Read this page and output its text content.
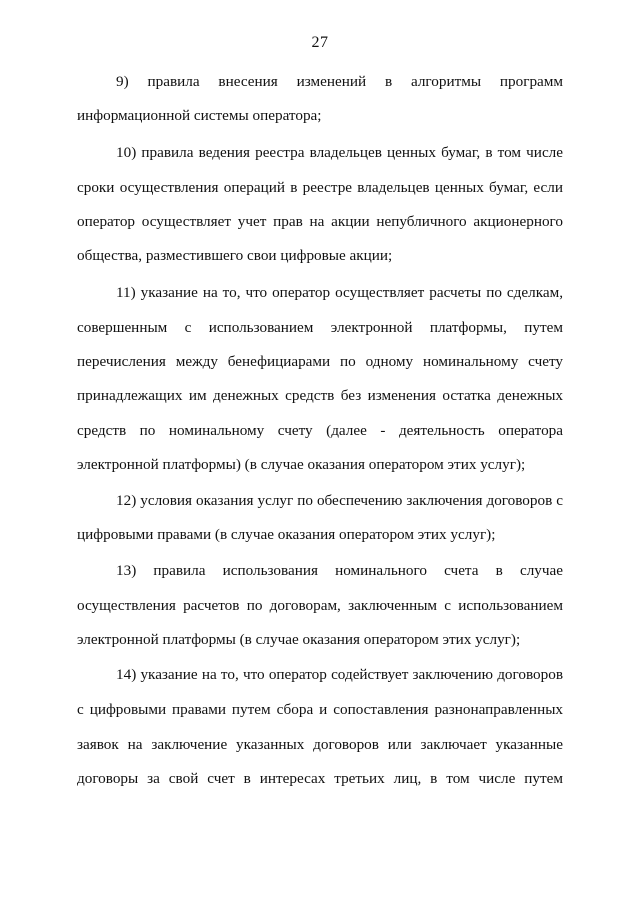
27
9) правила внесения изменений в алгоритмы программ
информационной системы оператора;
10) правила ведения реестра владельцев ценных бумаг, в том числе
сроки осуществления операций в реестре владельцев ценных бумаг, если
оператор осуществляет учет прав на акции непубличного акционерного
общества, разместившего свои цифровые акции;
11) указание на то, что оператор осуществляет расчеты по сделкам,
совершенным с использованием электронной платформы, путем
перечисления между бенефициарами по одному номинальному счету
принадлежащих им денежных средств без изменения остатка денежных
средств по номинальному счету (далее - деятельность оператора
электронной платформы) (в случае оказания оператором этих услуг);
12) условия оказания услуг по обеспечению заключения договоров с
цифровыми правами (в случае оказания оператором этих услуг);
13) правила использования номинального счета в случае
осуществления расчетов по договорам, заключенным с использованием
электронной платформы (в случае оказания оператором этих услуг);
14) указание на то, что оператор содействует заключению договоров
с цифровыми правами путем сбора и сопоставления разнонаправленных
заявок на заключение указанных договоров или заключает указанные
договоры за свой счет в интересах третьих лиц, в том числе путем
